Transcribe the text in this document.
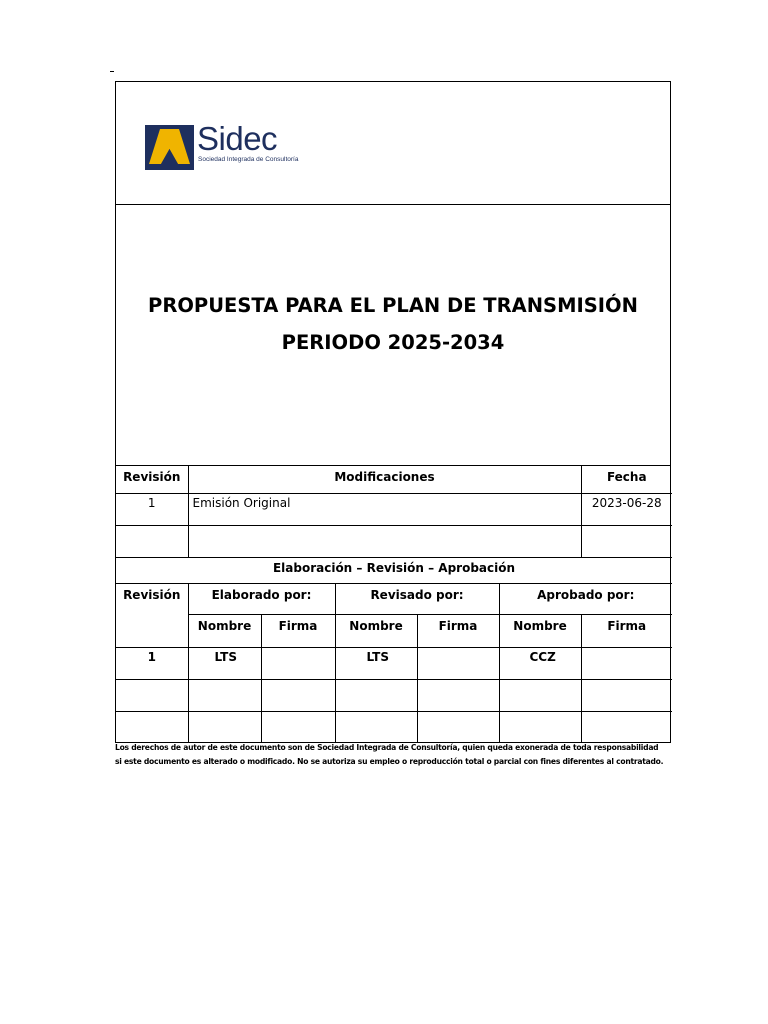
Sidec
Sociedad Integrada de Consultoría
PROPUESTA PARA EL PLAN DE TRANSMISIÓN
PERIODO 2025-2034
Revisión	Modificaciones					Fecha
1	Emisión Original					2023-06-28

Elaboración – Revisión – Aprobación						
Revisión	Elaborado por:		Revisado por:		Aprobado por:	
	Nombre	Firma	Nombre	Firma	Nombre	Firma
1	LTS		LTS		CCZ	

Los derechos de autor de este documento son de Sociedad Integrada de Consultoría, quien queda exonerada de toda responsabilidad
si este documento es alterado o modificado. No se autoriza su empleo o reproducción total o parcial con fines diferentes al contratado.
